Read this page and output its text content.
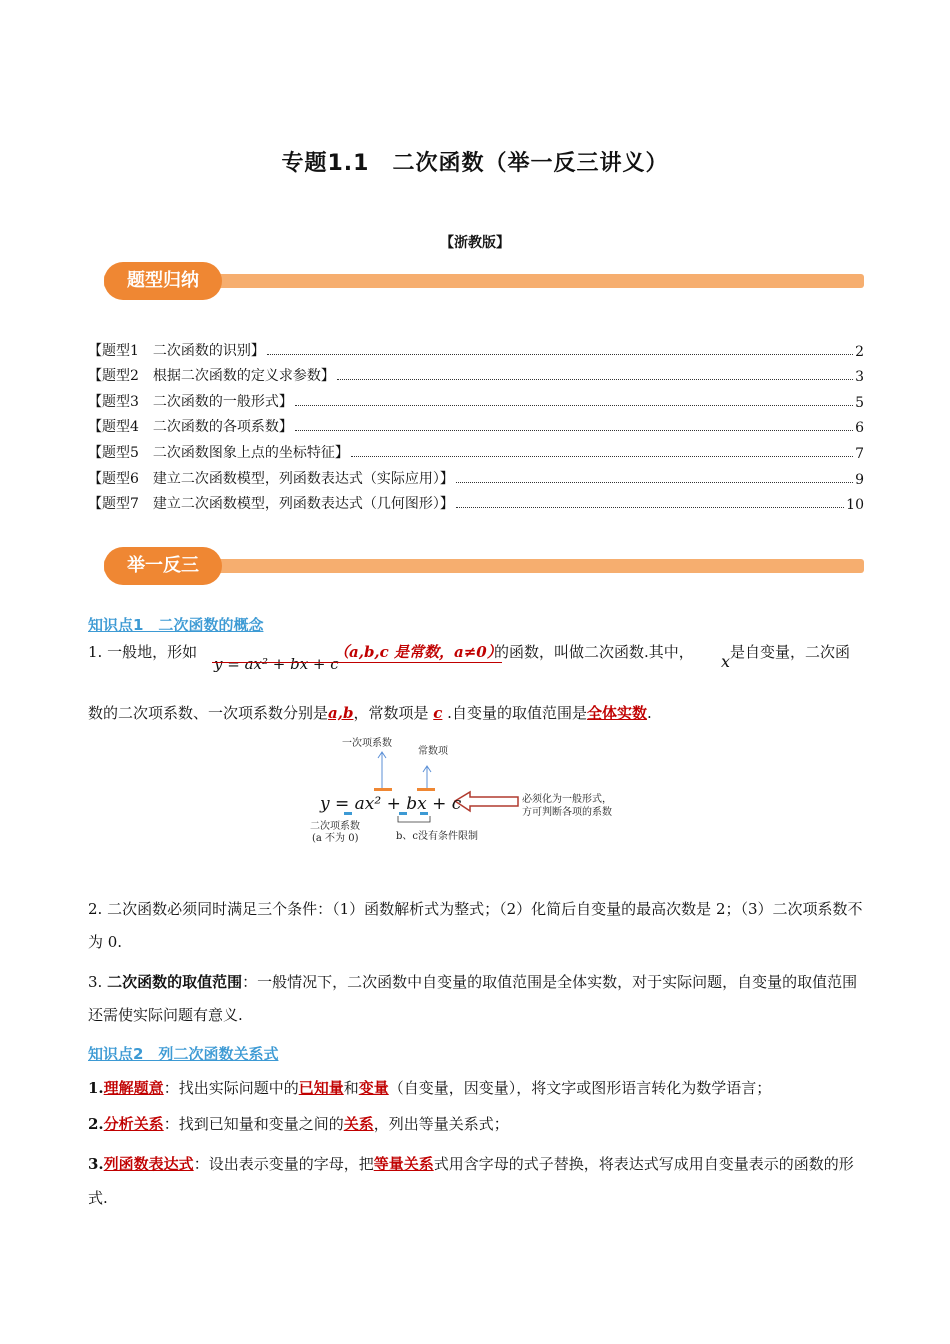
专题1.1　二次函数（举一反三讲义）
【浙教版】
题型归纳
【题型1　二次函数的识别】	2
【题型2　根据二次函数的定义求参数】	3
【题型3　二次函数的一般形式】	5
【题型4　二次函数的各项系数】	6
【题型5　二次函数图象上点的坐标特征】	7
【题型6　建立二次函数模型，列函数表达式（实际应用）】	9
【题型7　建立二次函数模型，列函数表达式（几何图形）】	10
举一反三
知识点1　二次函数的概念
1. 一般地，形如
y = ax² + bx + c
（a,b,c 是常数，a≠0）
的函数，叫做二次函数.其中， x 是自变量，二次函
数的二次项系数、一次项系数分别是a,b，常数项是 c .自变量的取值范围是全体实数.
一次项系数
常数项
y = ax² + bx + c
二次项系数
(a 不为 0)	b、c没有条件限制
必须化为一般形式，
方可判断各项的系数
2. 二次函数必须同时满足三个条件：（1）函数解析式为整式；（2）化简后自变量的最高次数是 2；（3）二次项系数不为 0.
3. 二次函数的取值范围：一般情况下，二次函数中自变量的取值范围是全体实数，对于实际问题，自变量的取值范围还需使实际问题有意义.
知识点2　列二次函数关系式
1.理解题意：找出实际问题中的已知量和变量（自变量，因变量），将文字或图形语言转化为数学语言；
2.分析关系：找到已知量和变量之间的关系，列出等量关系式；
3.列函数表达式：设出表示变量的字母，把等量关系式用含字母的式子替换，将表达式写成用自变量表示的函数的形式.
